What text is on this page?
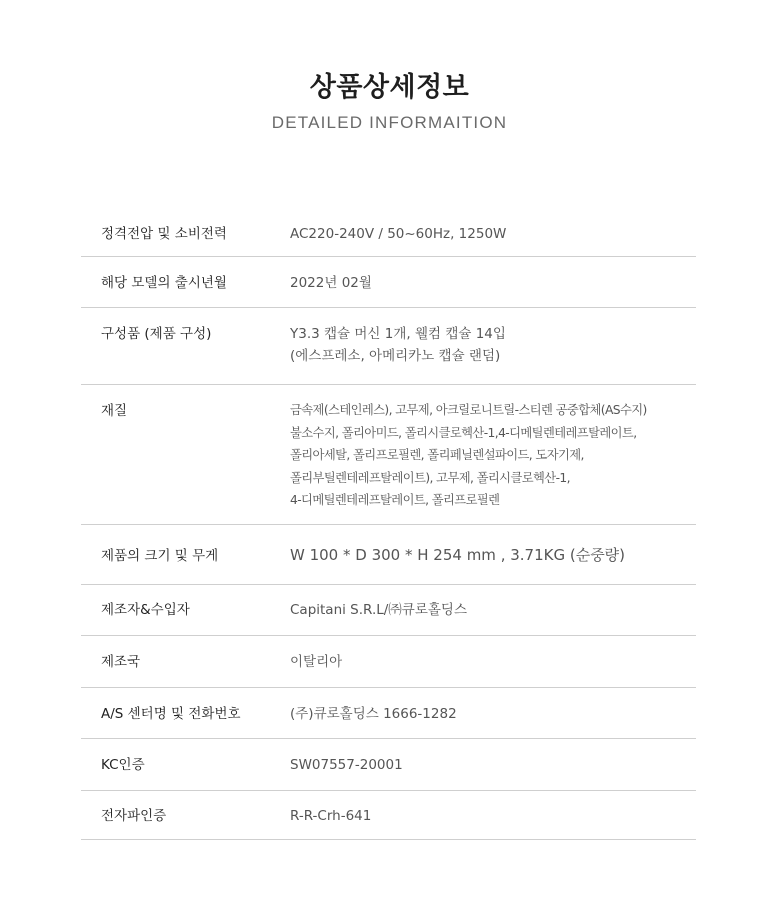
상품상세정보
DETAILED INFORMAITION
정격전압 및 소비전력	AC220-240V / 50~60Hz, 1250W
해당 모델의 출시년월	2022년 02월
구성품 (제품 구성)	Y3.3 캡슐 머신 1개, 웰컴 캡슐 14입
(에스프레소, 아메리카노 캡슐 랜덤)
재질	금속제(스테인레스), 고무제, 아크릴로니트릴-스티렌 공중합체(AS수지)
불소수지, 폴리아미드, 폴리시클로헥산-1,4-디메틸렌테레프탈레이트,
폴리아세탈, 폴리프로필렌, 폴리페닐렌설파이드, 도자기제,
폴리부틸렌테레프탈레이트), 고무제, 폴리시클로헥산-1,
4-디메틸렌테레프탈레이트, 폴리프로필렌
제품의 크기 및 무게	W 100 * D 300 * H 254 mm , 3.71KG (순중량)
제조자&수입자	Capitani S.R.L/㈜큐로홀딩스
제조국	이탈리아
A/S 센터명 및 전화번호	(주)큐로홀딩스 1666-1282
KC인증	SW07557-20001
전자파인증	R-R-Crh-641
